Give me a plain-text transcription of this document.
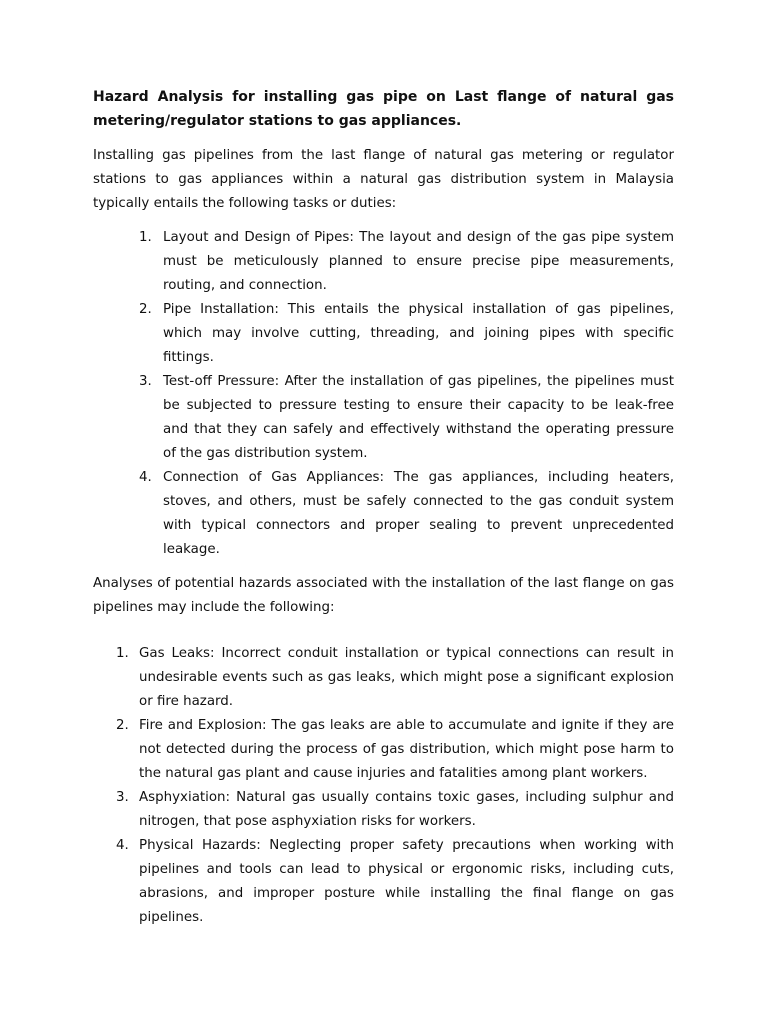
Hazard Analysis for installing gas pipe on Last flange of natural gas metering/regulator stations to gas appliances.

Installing gas pipelines from the last flange of natural gas metering or regulator stations to gas appliances within a natural gas distribution system in Malaysia typically entails the following tasks or duties:

1. Layout and Design of Pipes: The layout and design of the gas pipe system must be meticulously planned to ensure precise pipe measurements, routing, and connection.
2. Pipe Installation: This entails the physical installation of gas pipelines, which may involve cutting, threading, and joining pipes with specific fittings.
3. Test-off Pressure: After the installation of gas pipelines, the pipelines must be subjected to pressure testing to ensure their capacity to be leak-free and that they can safely and effectively withstand the operating pressure of the gas distribution system.
4. Connection of Gas Appliances: The gas appliances, including heaters, stoves, and others, must be safely connected to the gas conduit system with typical connectors and proper sealing to prevent unprecedented leakage.

Analyses of potential hazards associated with the installation of the last flange on gas pipelines may include the following:

1. Gas Leaks: Incorrect conduit installation or typical connections can result in undesirable events such as gas leaks, which might pose a significant explosion or fire hazard.
2. Fire and Explosion: The gas leaks are able to accumulate and ignite if they are not detected during the process of gas distribution, which might pose harm to the natural gas plant and cause injuries and fatalities among plant workers.
3. Asphyxiation: Natural gas usually contains toxic gases, including sulphur and nitrogen, that pose asphyxiation risks for workers.
4. Physical Hazards: Neglecting proper safety precautions when working with pipelines and tools can lead to physical or ergonomic risks, including cuts, abrasions, and improper posture while installing the final flange on gas pipelines.
